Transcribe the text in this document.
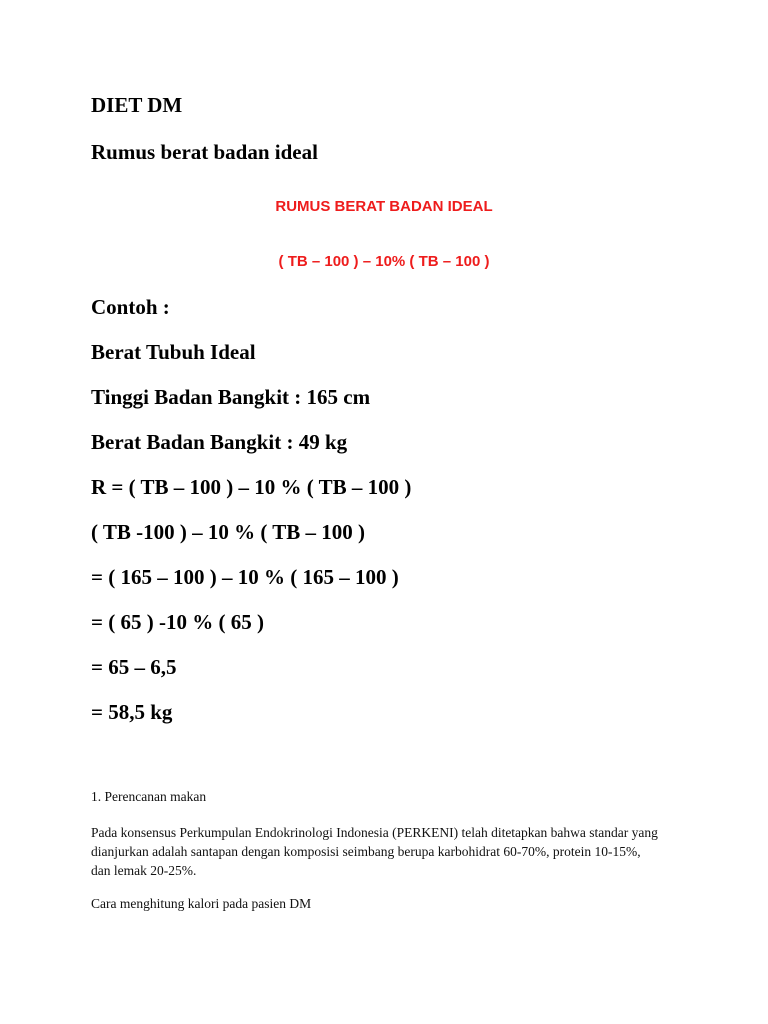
DIET DM

Rumus berat badan ideal

RUMUS BERAT BADAN IDEAL

( TB – 100 ) – 10% ( TB – 100 )

Contoh :

Berat Tubuh Ideal

Tinggi Badan Bangkit : 165 cm

Berat Badan Bangkit : 49 kg

R = ( TB – 100 ) – 10 % ( TB – 100 )

( TB -100 ) – 10 % ( TB – 100 )

= ( 165 – 100 ) – 10 % ( 165 – 100 )

= ( 65 ) -10 % ( 65 )

= 65 – 6,5

= 58,5 kg

1. Perencanan makan

Pada konsensus Perkumpulan Endokrinologi Indonesia (PERKENI) telah ditetapkan bahwa standar yang dianjurkan adalah santapan dengan komposisi seimbang berupa karbohidrat 60-70%, protein 10-15%, dan lemak 20-25%.

Cara menghitung kalori pada pasien DM
